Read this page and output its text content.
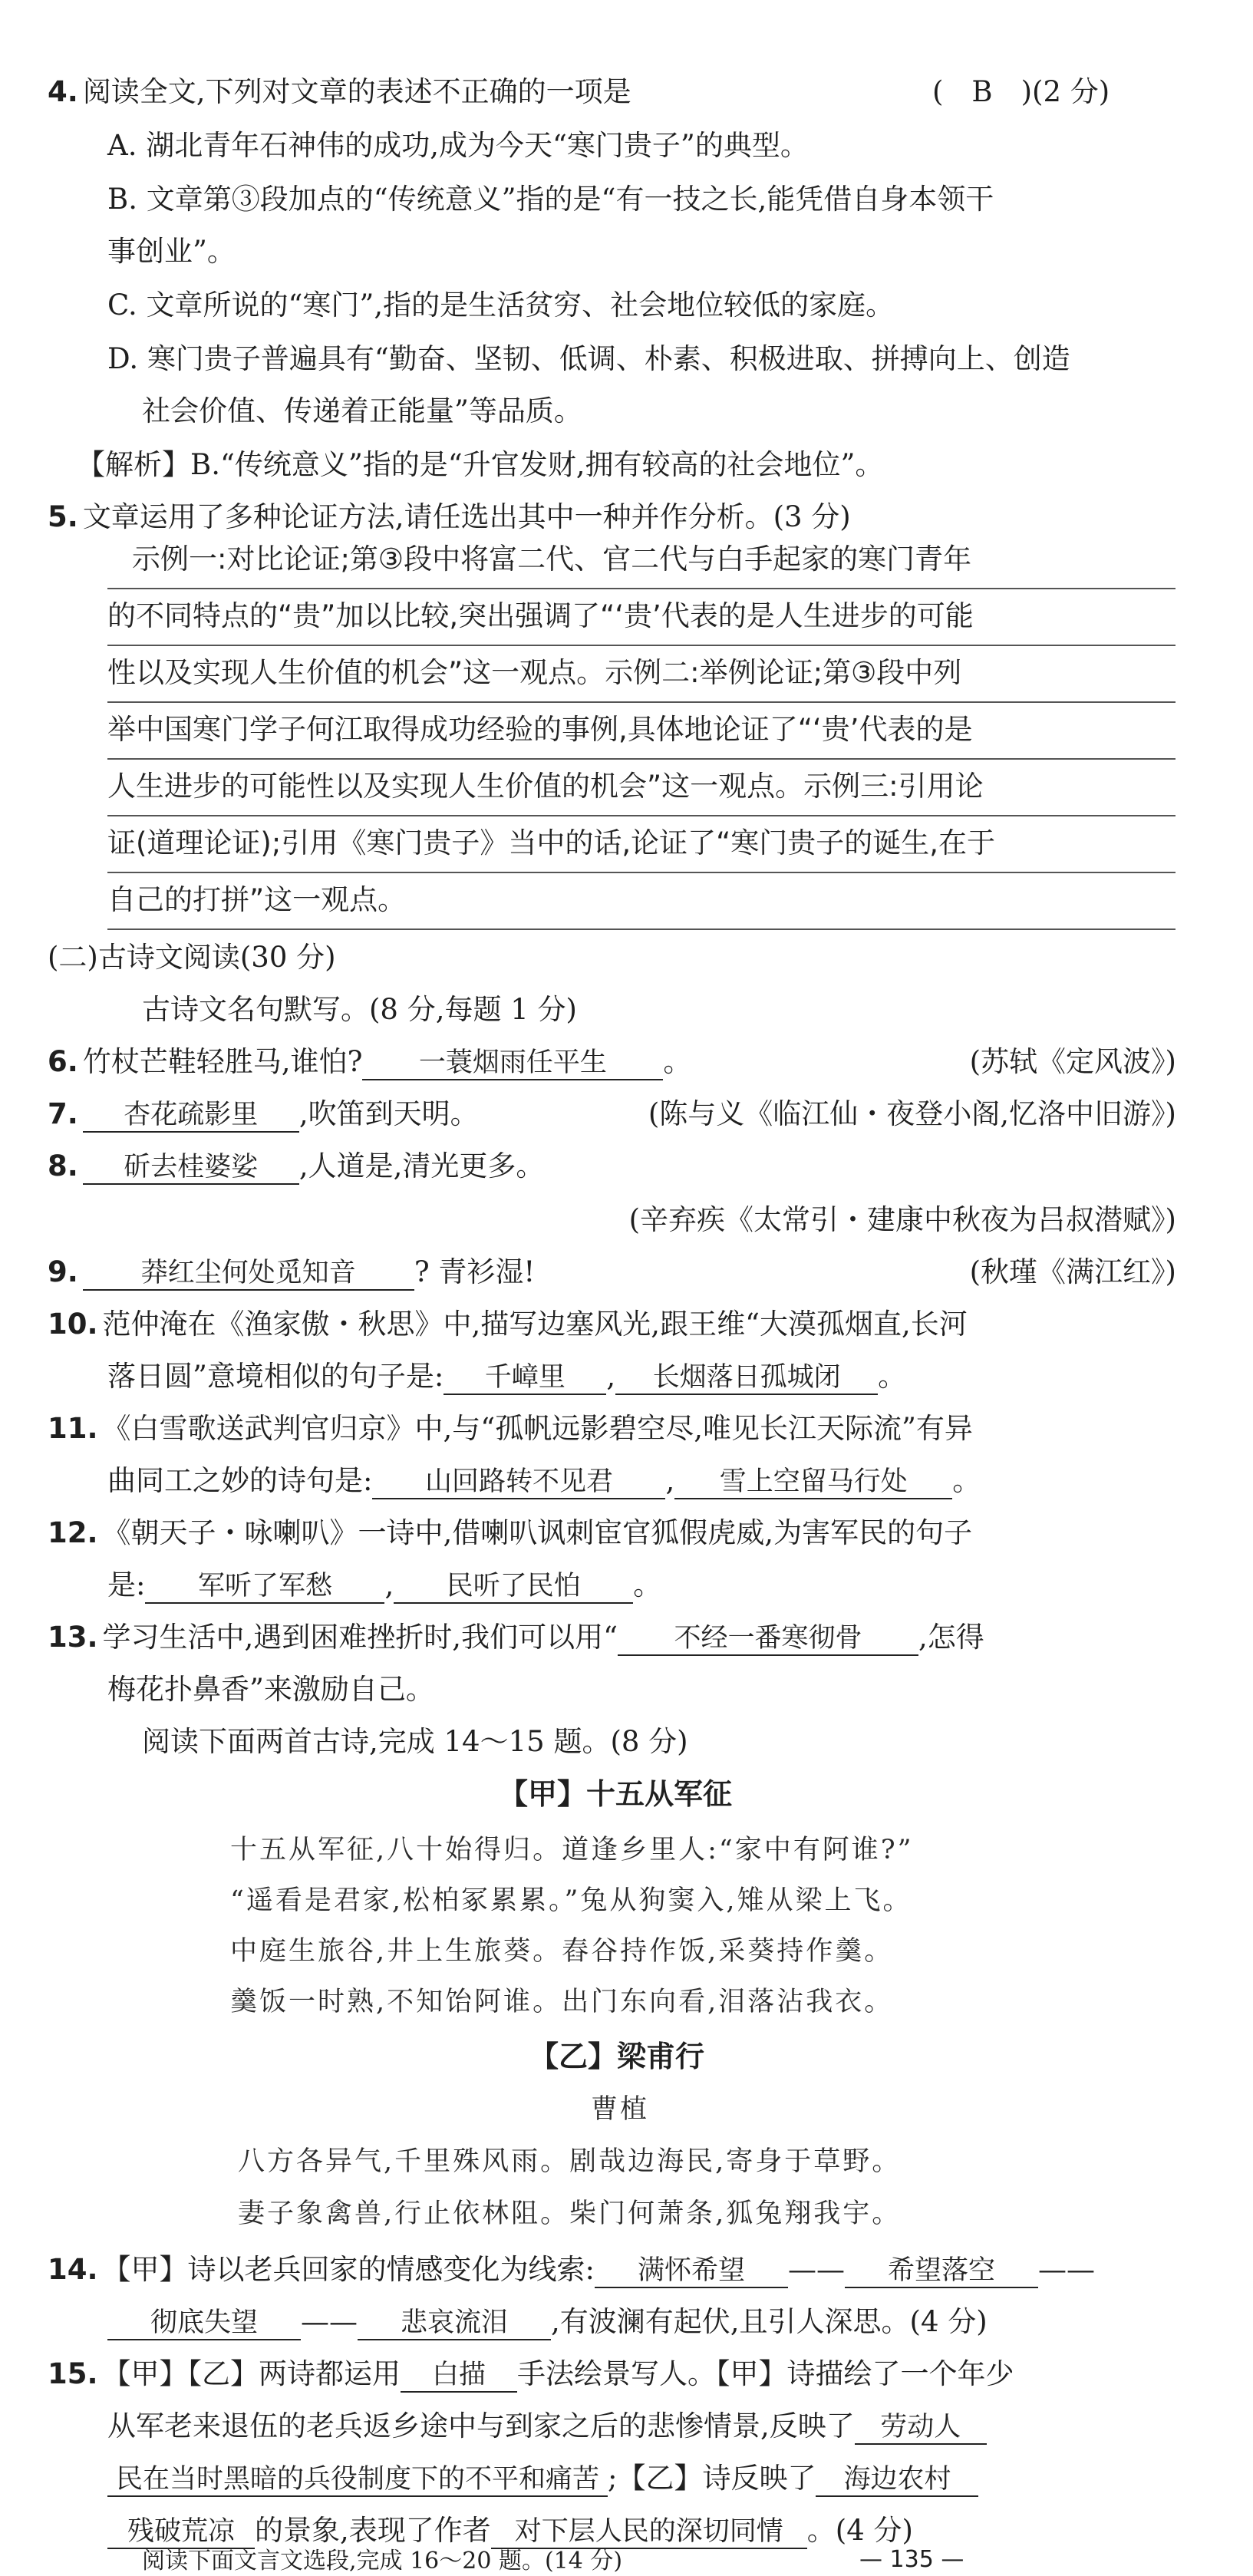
4. 阅读全文,下列对文章的表述不正确的一项是	(　B　)(2 分)
A. 湖北青年石神伟的成功,成为今天“寒门贵子”的典型。
B. 文章第③段加点的“传统意义”指的是“有一技之长,能凭借自身本领干
事创业”。
C. 文章所说的“寒门”,指的是生活贫穷、社会地位较低的家庭。
D. 寒门贵子普遍具有“勤奋、坚韧、低调、朴素、积极进取、拼搏向上、创造
社会价值、传递着正能量”等品质。
【解析】B.“传统意义”指的是“升官发财,拥有较高的社会地位”。
5. 文章运用了多种论证方法,请任选出其中一种并作分析。(3 分)
示例一:对比论证;第③段中将富二代、官二代与白手起家的寒门青年
的不同特点的“贵”加以比较,突出强调了“‘贵’代表的是人生进步的可能
性以及实现人生价值的机会”这一观点。示例二:举例论证;第③段中列
举中国寒门学子何江取得成功经验的事例,具体地论证了“‘贵’代表的是
人生进步的可能性以及实现人生价值的机会”这一观点。示例三:引用论
证(道理论证);引用《寒门贵子》当中的话,论证了“寒门贵子的诞生,在于
自己的打拼”这一观点。
(二)古诗文阅读(30 分)
古诗文名句默写。(8 分,每题 1 分)
6. 竹杖芒鞋轻胜马,谁怕? 一蓑烟雨任平生 。	(苏轼《定风波》)
7. 杏花疏影里 ,吹笛到天明。	(陈与义《临江仙・夜登小阁,忆洛中旧游》)
8. 斫去桂婆娑 ,人道是,清光更多。
(辛弃疾《太常引・建康中秋夜为吕叔潜赋》)
9. 莽红尘何处觅知音 ? 青衫湿!	(秋瑾《满江红》)
10. 范仲淹在《渔家傲・秋思》中,描写边塞风光,跟王维“大漠孤烟直,长河
落日圆”意境相似的句子是: 千嶂里 , 长烟落日孤城闭 。
11. 《白雪歌送武判官归京》中,与“孤帆远影碧空尽,唯见长江天际流”有异
曲同工之妙的诗句是: 山回路转不见君 , 雪上空留马行处 。
12. 《朝天子・咏喇叭》一诗中,借喇叭讽刺宦官狐假虎威,为害军民的句子
是: 军听了军愁 , 民听了民怕 。
13. 学习生活中,遇到困难挫折时,我们可以用“ 不经一番寒彻骨 ,怎得
梅花扑鼻香”来激励自己。
阅读下面两首古诗,完成 14～15 题。(8 分)
【甲】十五从军征
十五从军征,八十始得归。道逢乡里人:“家中有阿谁?”
“遥看是君家,松柏冢累累。”兔从狗窦入,雉从梁上飞。
中庭生旅谷,井上生旅葵。舂谷持作饭,采葵持作羹。
羹饭一时熟,不知饴阿谁。出门东向看,泪落沾我衣。
【乙】梁甫行
曹植
八方各异气,千里殊风雨。剧哉边海民,寄身于草野。
妻子象禽兽,行止依林阻。柴门何萧条,狐兔翔我宇。
14. 【甲】诗以老兵回家的情感变化为线索: 满怀希望 —— 希望落空 ——
彻底失望 —— 悲哀流泪 ,有波澜有起伏,且引人深思。(4 分)
15. 【甲】【乙】两诗都运用 白描 手法绘景写人。【甲】诗描绘了一个年少
从军老来退伍的老兵返乡途中与到家之后的悲惨情景,反映了 劳动人
民在当时黑暗的兵役制度下的不平和痛苦 ;【乙】诗反映了 海边农村
残破荒凉 的景象,表现了作者 对下层人民的深切同情 。(4 分)
阅读下面文言文选段,完成 16～20 题。(14 分)	— 135 —
